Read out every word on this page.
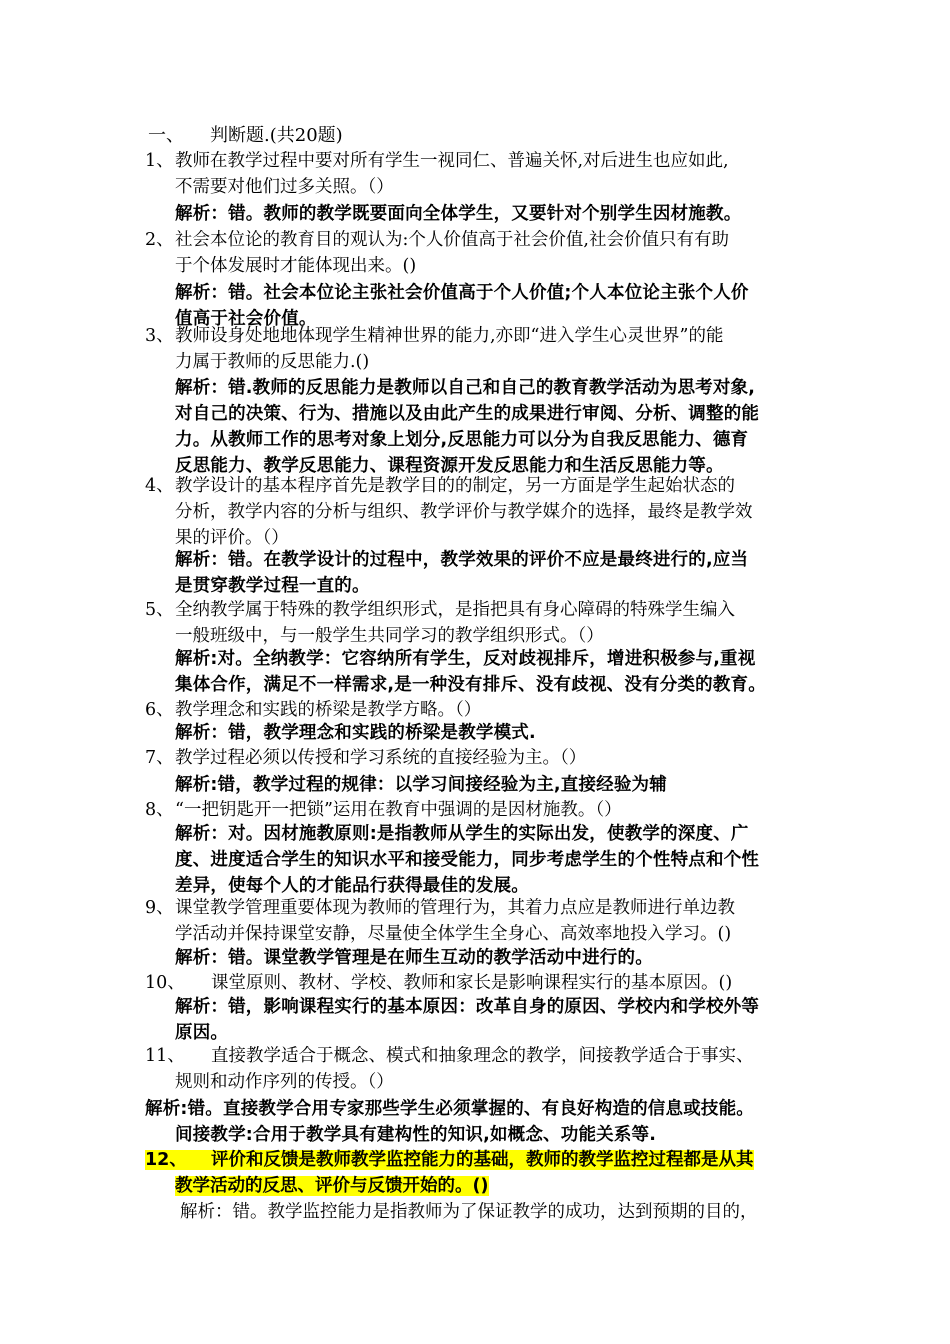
一、 判断题.(共20题)
1、教师在教学过程中要对所有学生一视同仁、普遍关怀,对后进生也应如此,
不需要对他们过多关照。（）
解析：错。教师的教学既要面向全体学生，又要针对个别学生因材施教。
2、社会本位论的教育目的观认为:个人价值高于社会价值,社会价值只有有助
于个体发展时才能体现出来。()
解析：错。社会本位论主张社会价值高于个人价值;个人本位论主张个人价
值高于社会价值。
3、教师设身处地地体现学生精神世界的能力,亦即“进入学生心灵世界”的能
力属于教师的反思能力.()
解析：错.教师的反思能力是教师以自己和自己的教育教学活动为思考对象,
对自己的决策、行为、措施以及由此产生的成果进行审阅、分析、调整的能
力。从教师工作的思考对象上划分,反思能力可以分为自我反思能力、德育
反思能力、教学反思能力、课程资源开发反思能力和生活反思能力等。
4、教学设计的基本程序首先是教学目的的制定，另一方面是学生起始状态的
分析，教学内容的分析与组织、教学评价与教学媒介的选择，最终是教学效
果的评价。（）
解析：错。在教学设计的过程中，教学效果的评价不应是最终进行的,应当
是贯穿教学过程一直的。
5、全纳教学属于特殊的教学组织形式，是指把具有身心障碍的特殊学生编入
一般班级中，与一般学生共同学习的教学组织形式。（）
解析:对。全纳教学：它容纳所有学生，反对歧视排斥，增进积极参与,重视
集体合作，满足不一样需求,是一种没有排斥、没有歧视、没有分类的教育。
6、教学理念和实践的桥梁是教学方略。（）
解析：错，教学理念和实践的桥梁是教学模式.
7、教学过程必须以传授和学习系统的直接经验为主。（）
解析:错，教学过程的规律：以学习间接经验为主,直接经验为辅
8、“一把钥匙开一把锁”运用在教育中强调的是因材施教。（）
解析：对。因材施教原则:是指教师从学生的实际出发，使教学的深度、广
度、进度适合学生的知识水平和接受能力，同步考虑学生的个性特点和个性
差异，使每个人的才能品行获得最佳的发展。
9、课堂教学管理重要体现为教师的管理行为，其着力点应是教师进行单边教
学活动并保持课堂安静，尽量使全体学生全身心、高效率地投入学习。()
解析：错。课堂教学管理是在师生互动的教学活动中进行的。
10、 课堂原则、教材、学校、教师和家长是影响课程实行的基本原因。()
解析：错，影响课程实行的基本原因：改革自身的原因、学校内和学校外等
原因。
11、 直接教学适合于概念、模式和抽象理念的教学，间接教学适合于事实、
规则和动作序列的传授。（）
解析:错。直接教学合用专家那些学生必须掌握的、有良好构造的信息或技能。
间接教学:合用于教学具有建构性的知识,如概念、功能关系等.
12、 评价和反馈是教师教学监控能力的基础，教师的教学监控过程都是从其
教学活动的反思、评价与反馈开始的。()
解析：错。教学监控能力是指教师为了保证教学的成功，达到预期的目的，
